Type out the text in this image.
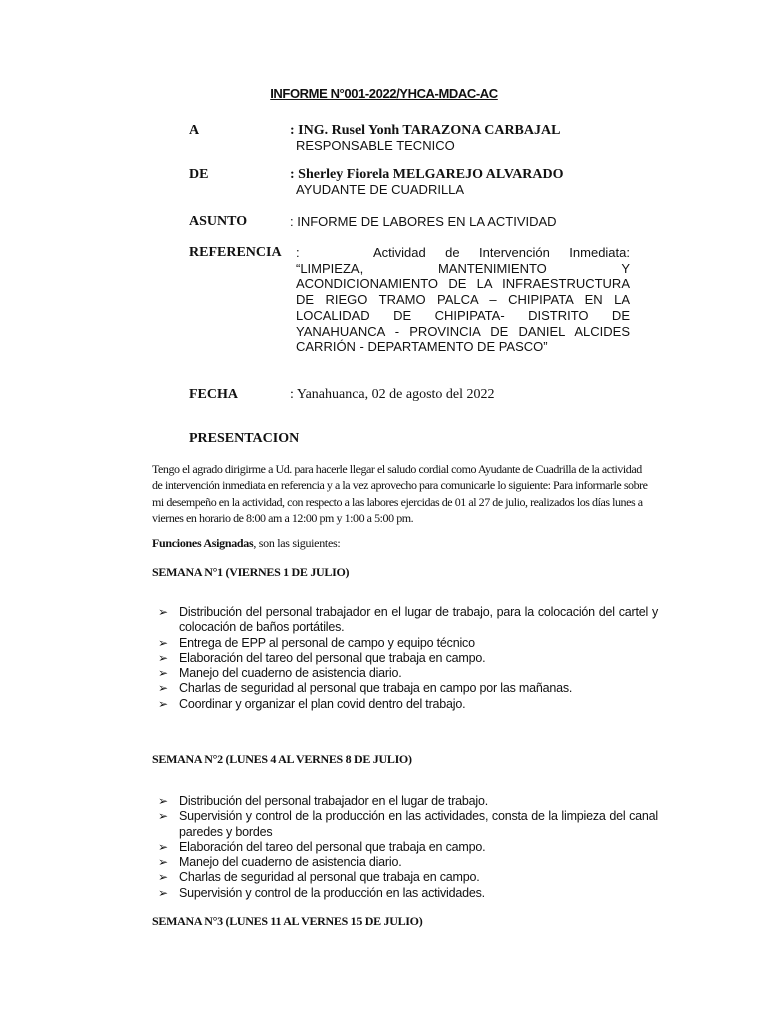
INFORME N°001-2022/YHCA-MDAC-AC
A	: ING. Rusel Yonh TARAZONA CARBAJAL
RESPONSABLE TECNICO
DE	: Sherley Fiorela MELGAREJO ALVARADO
AYUDANTE DE CUADRILLA
ASUNTO	: INFORME DE LABORES EN LA ACTIVIDAD
REFERENCIA :	Actividad de Intervención Inmediata: “LIMPIEZA, MANTENIMIENTO Y ACONDICIONAMIENTO DE LA INFRAESTRUCTURA DE RIEGO TRAMO PALCA – CHIPIPATA EN LA LOCALIDAD DE CHIPIPATA- DISTRITO DE YANAHUANCA - PROVINCIA DE DANIEL ALCIDES CARRIÓN - DEPARTAMENTO DE PASCO”
FECHA	: Yanahuanca, 02 de agosto del 2022
PRESENTACION
Tengo el agrado dirigirme a Ud. para hacerle llegar el saludo cordial como Ayudante de Cuadrilla de la actividad de intervención inmediata en referencia y a la vez aprovecho para comunicarle lo siguiente: Para informarle sobre mi desempeño en la actividad, con respecto a las labores ejercidas de 01 al 27 de julio, realizados los días lunes a viernes en horario de 8:00 am a 12:00 pm y 1:00 a 5:00 pm.
Funciones Asignadas, son las siguientes:
SEMANA N°1 (VIERNES 1 DE JULIO)
➢ Distribución del personal trabajador en el lugar de trabajo, para la colocación del cartel y colocación de baños portátiles.
➢ Entrega de EPP al personal de campo y equipo técnico
➢ Elaboración del tareo del personal que trabaja en campo.
➢ Manejo del cuaderno de asistencia diario.
➢ Charlas de seguridad al personal que trabaja en campo por las mañanas.
➢ Coordinar y organizar el plan covid dentro del trabajo.
SEMANA N°2 (LUNES 4 AL VERNES 8 DE JULIO)
➢ Distribución del personal trabajador en el lugar de trabajo.
➢ Supervisión y control de la producción en las actividades, consta de la limpieza del canal paredes y bordes
➢ Elaboración del tareo del personal que trabaja en campo.
➢ Manejo del cuaderno de asistencia diario.
➢ Charlas de seguridad al personal que trabaja en campo.
➢ Supervisión y control de la producción en las actividades.
SEMANA N°3 (LUNES 11 AL VERNES 15 DE JULIO)
